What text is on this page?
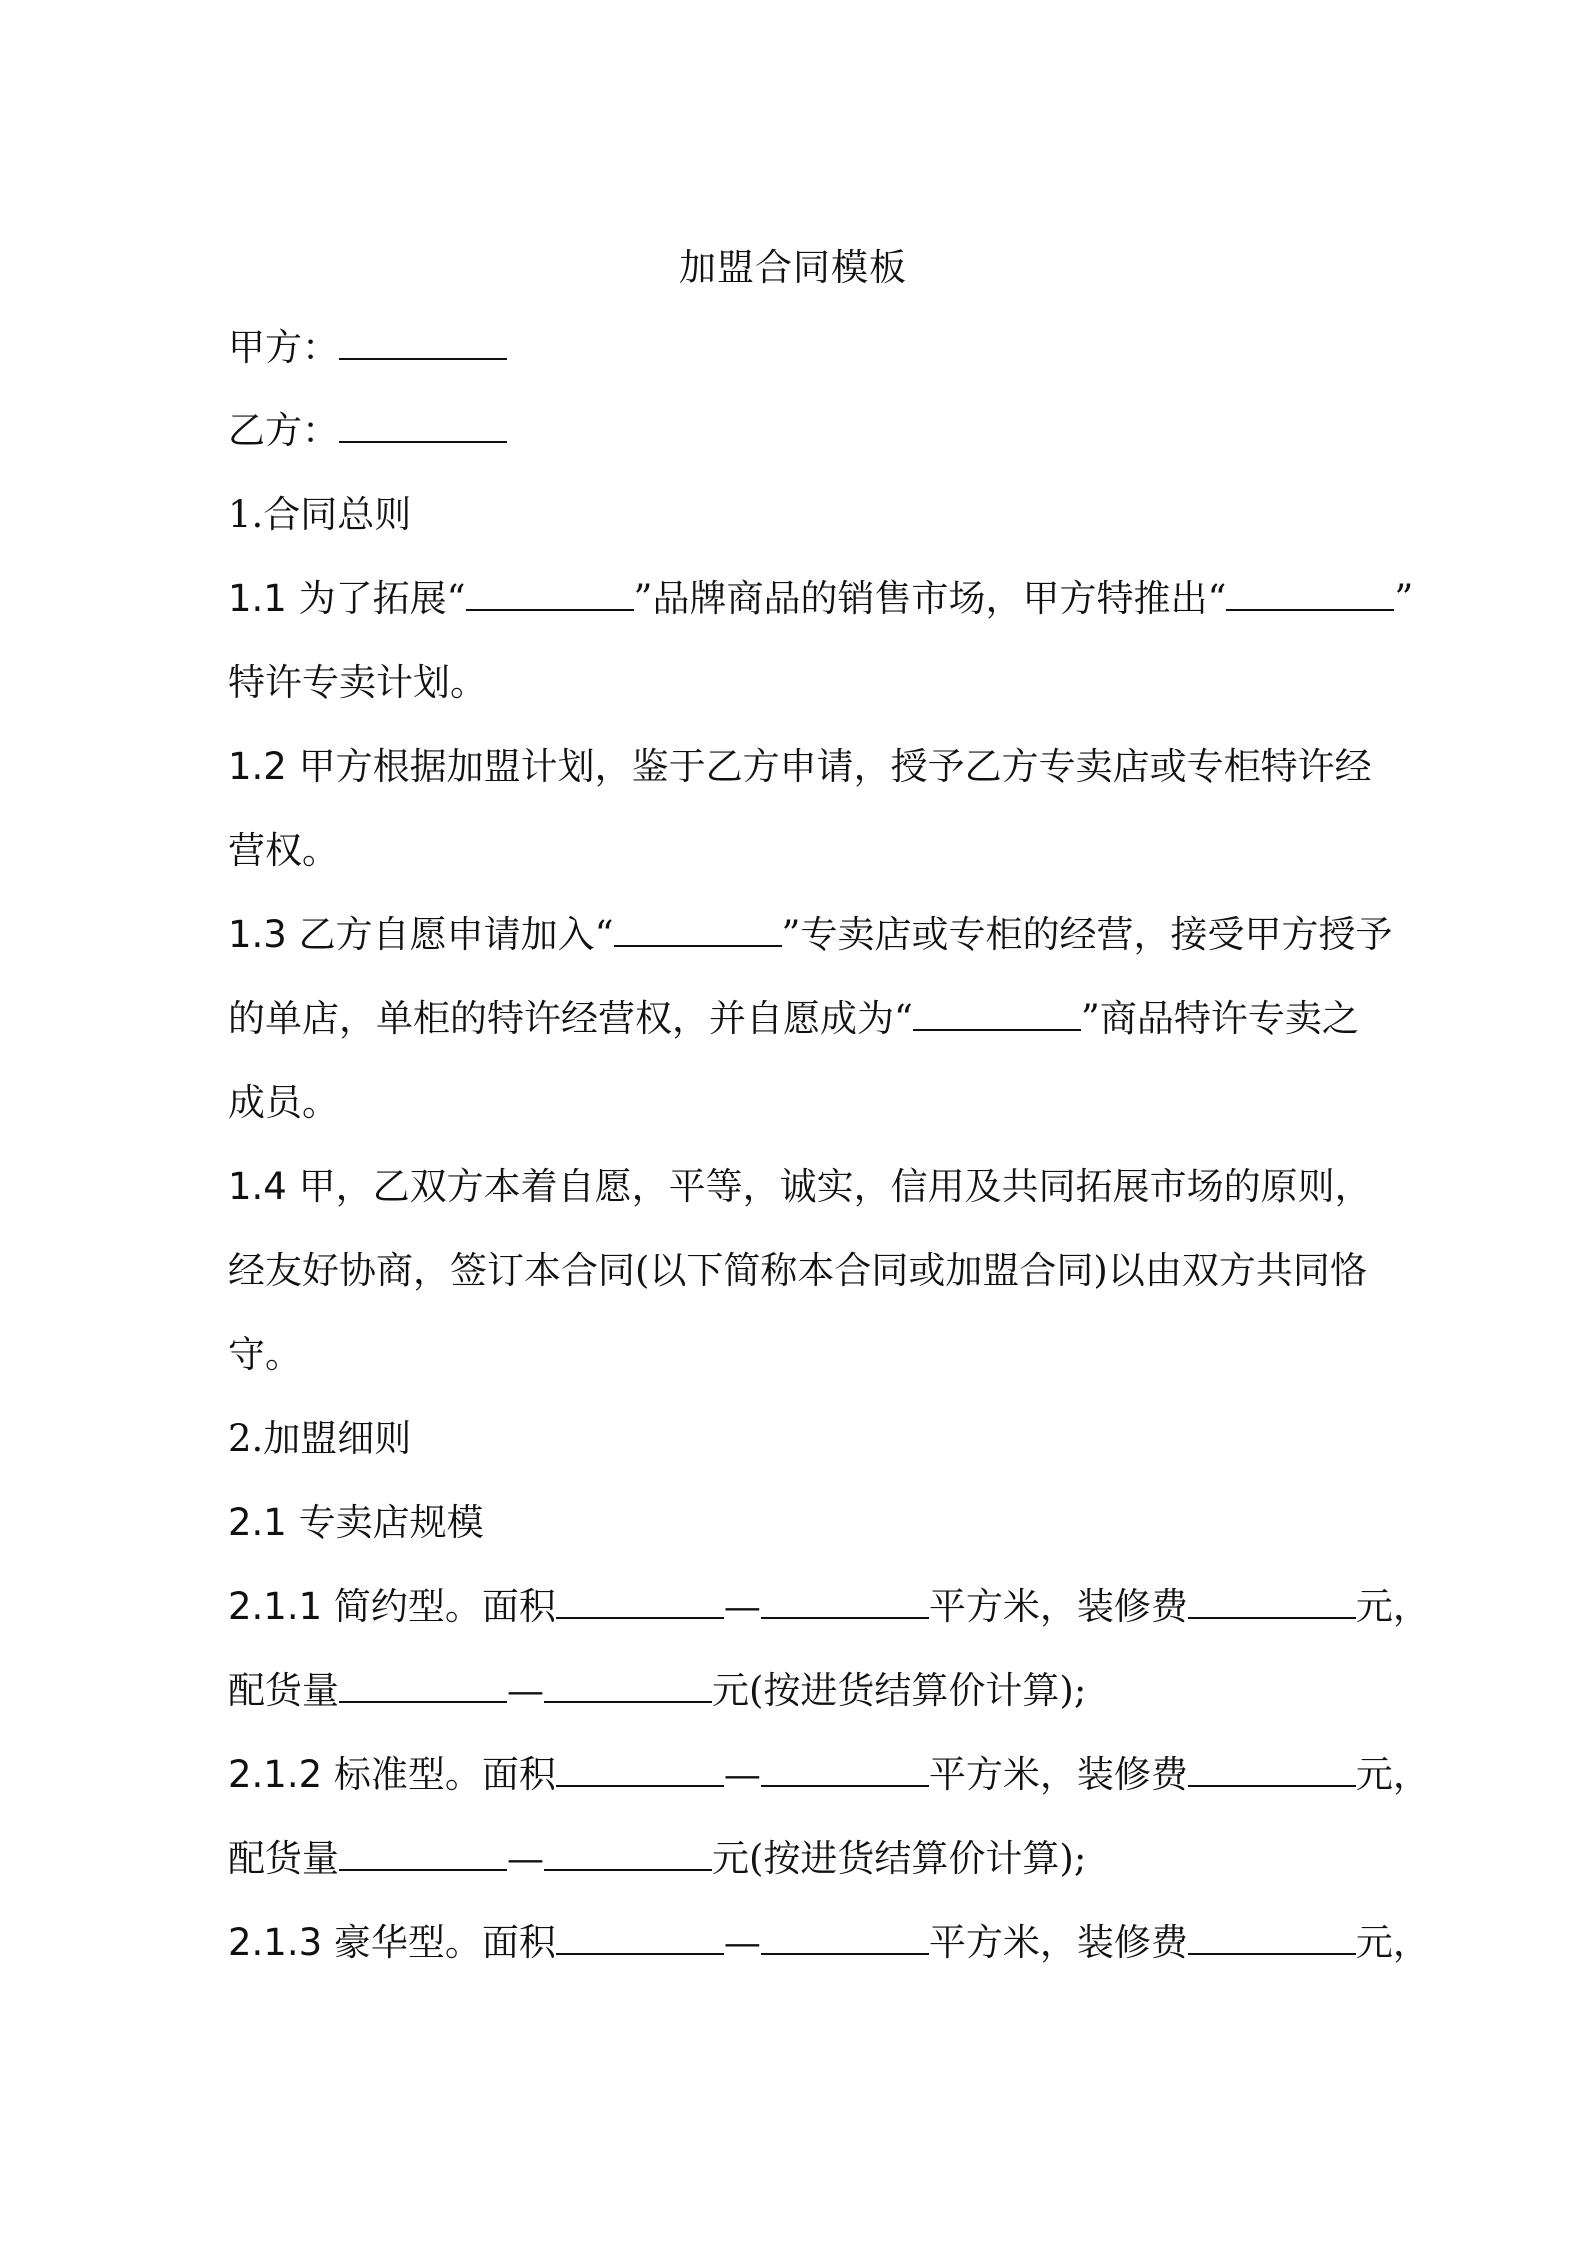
加盟合同模板
甲方：
乙方：
1.合同总则
1.1 为了拓展“	”品牌商品的销售市场，甲方特推出“	”
特许专卖计划。
1.2 甲方根据加盟计划，鉴于乙方申请，授予乙方专卖店或专柜特许经
营权。
1.3 乙方自愿申请加入“	”专卖店或专柜的经营，接受甲方授予
的单店，单柜的特许经营权，并自愿成为“	”商品特许专卖之
成员。
1.4 甲，乙双方本着自愿，平等，诚实，信用及共同拓展市场的原则，
经友好协商，签订本合同(以下简称本合同或加盟合同)以由双方共同恪
守。
2.加盟细则
2.1 专卖店规模
2.1.1 简约型。面积	—	平方米，装修费	元，
配货量	—	元(按进货结算价计算);
2.1.2 标准型。面积	—	平方米，装修费	元，
配货量	—	元(按进货结算价计算);
2.1.3 豪华型。面积	—	平方米，装修费	元，
